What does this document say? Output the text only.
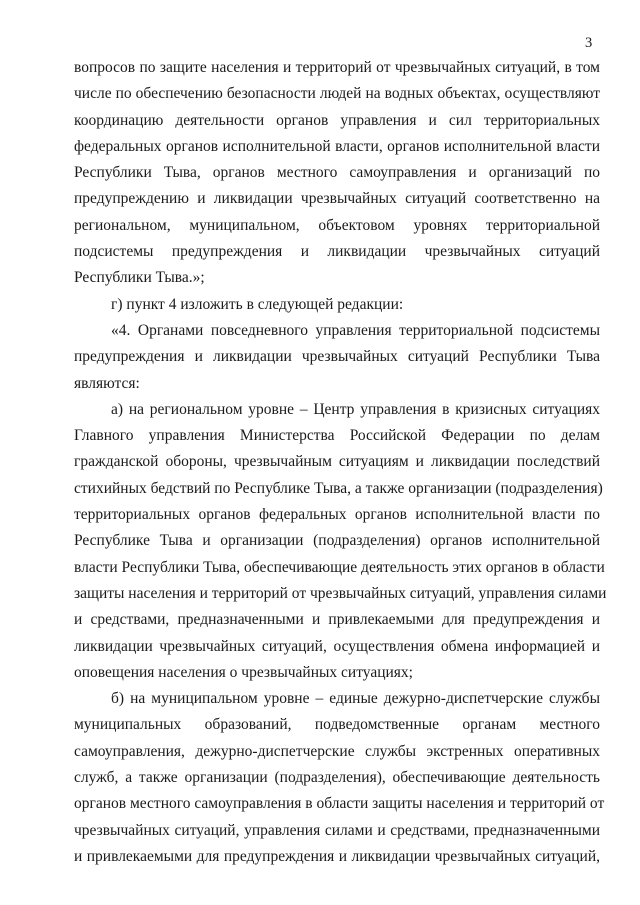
3
вопросов по защите населения и территорий от чрезвычайных ситуаций, в том
числе по обеспечению безопасности людей на водных объектах, осуществляют
координацию деятельности органов управления и сил территориальных
федеральных органов исполнительной власти, органов исполнительной власти
Республики Тыва, органов местного самоуправления и организаций по
предупреждению и ликвидации чрезвычайных ситуаций соответственно на
региональном, муниципальном, объектовом уровнях территориальной
подсистемы предупреждения и ликвидации чрезвычайных ситуаций
Республики Тыва.»;
г) пункт 4 изложить в следующей редакции:
«4. Органами повседневного управления территориальной подсистемы
предупреждения и ликвидации чрезвычайных ситуаций Республики Тыва
являются:
а) на региональном уровне – Центр управления в кризисных ситуациях
Главного управления Министерства Российской Федерации по делам
гражданской обороны, чрезвычайным ситуациям и ликвидации последствий
стихийных бедствий по Республике Тыва, а также организации (подразделения)
территориальных органов федеральных органов исполнительной власти по
Республике Тыва и организации (подразделения) органов исполнительной
власти Республики Тыва, обеспечивающие деятельность этих органов в области
защиты населения и территорий от чрезвычайных ситуаций, управления силами
и средствами, предназначенными и привлекаемыми для предупреждения и
ликвидации чрезвычайных ситуаций, осуществления обмена информацией и
оповещения населения о чрезвычайных ситуациях;
б) на муниципальном уровне – единые дежурно-диспетчерские службы
муниципальных образований, подведомственные органам местного
самоуправления, дежурно-диспетчерские службы экстренных оперативных
служб, а также организации (подразделения), обеспечивающие деятельность
органов местного самоуправления в области защиты населения и территорий от
чрезвычайных ситуаций, управления силами и средствами, предназначенными
и привлекаемыми для предупреждения и ликвидации чрезвычайных ситуаций,
